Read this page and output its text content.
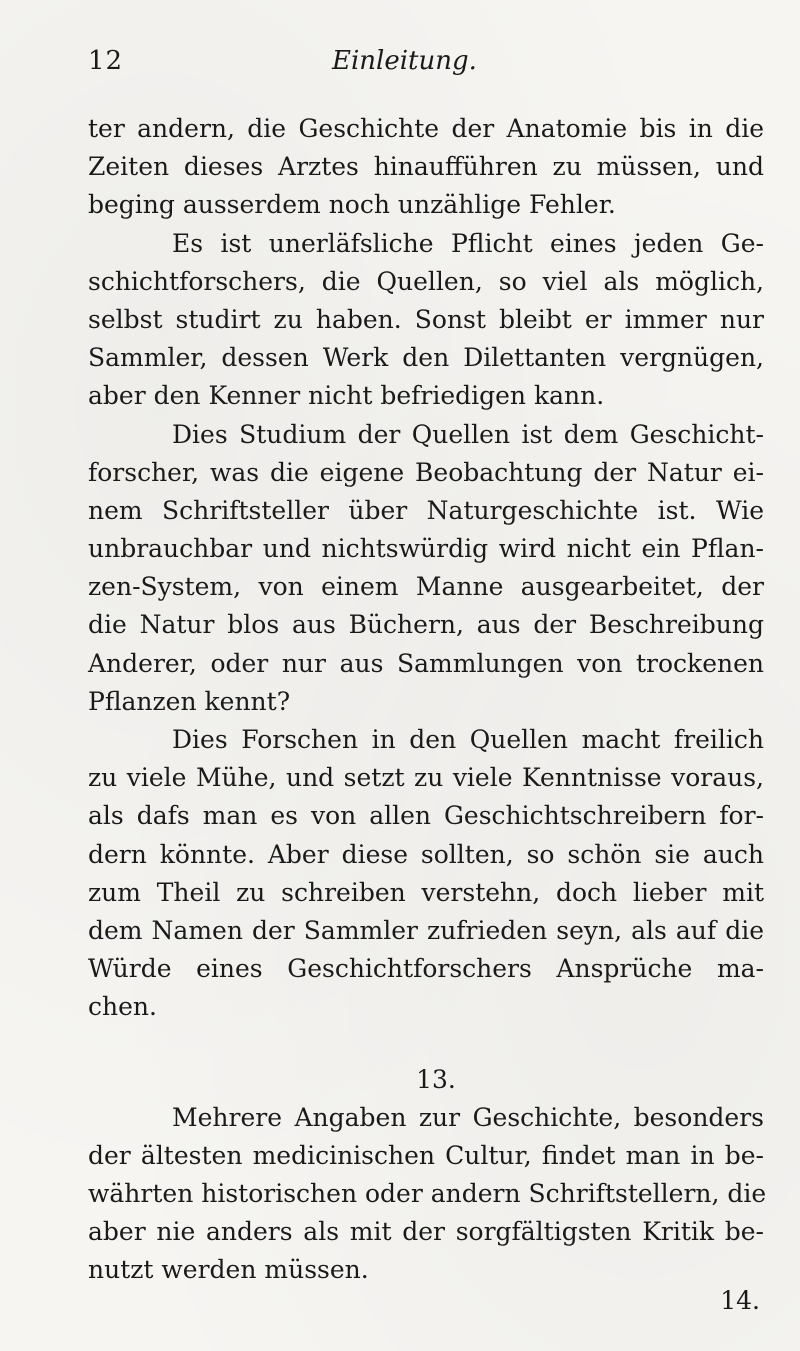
12	Einleitung.
ter andern, die Geschichte der Anatomie bis in die
Zeiten dieses Arztes hinaufführen zu müssen, und
beging ausserdem noch unzählige Fehler.
Es ist unerläfsliche Pflicht eines jeden Ge-
schichtforschers, die Quellen, so viel als möglich,
selbst studirt zu haben. Sonst bleibt er immer nur
Sammler, dessen Werk den Dilettanten vergnügen,
aber den Kenner nicht befriedigen kann.
Dies Studium der Quellen ist dem Geschicht-
forscher, was die eigene Beobachtung der Natur ei-
nem Schriftsteller über Naturgeschichte ist. Wie
unbrauchbar und nichtswürdig wird nicht ein Pflan-
zen-System, von einem Manne ausgearbeitet, der
die Natur blos aus Büchern, aus der Beschreibung
Anderer, oder nur aus Sammlungen von trockenen
Pflanzen kennt?
Dies Forschen in den Quellen macht freilich
zu viele Mühe, und setzt zu viele Kenntnisse voraus,
als dafs man es von allen Geschichtschreibern for-
dern könnte. Aber diese sollten, so schön sie auch
zum Theil zu schreiben verstehn, doch lieber mit
dem Namen der Sammler zufrieden seyn, als auf die
Würde eines Geschichtforschers Ansprüche ma-
chen.
13.
Mehrere Angaben zur Geschichte, besonders
der ältesten medicinischen Cultur, findet man in be-
währten historischen oder andern Schriftstellern, die
aber nie anders als mit der sorgfältigsten Kritik be-
nutzt werden müssen.
14.
